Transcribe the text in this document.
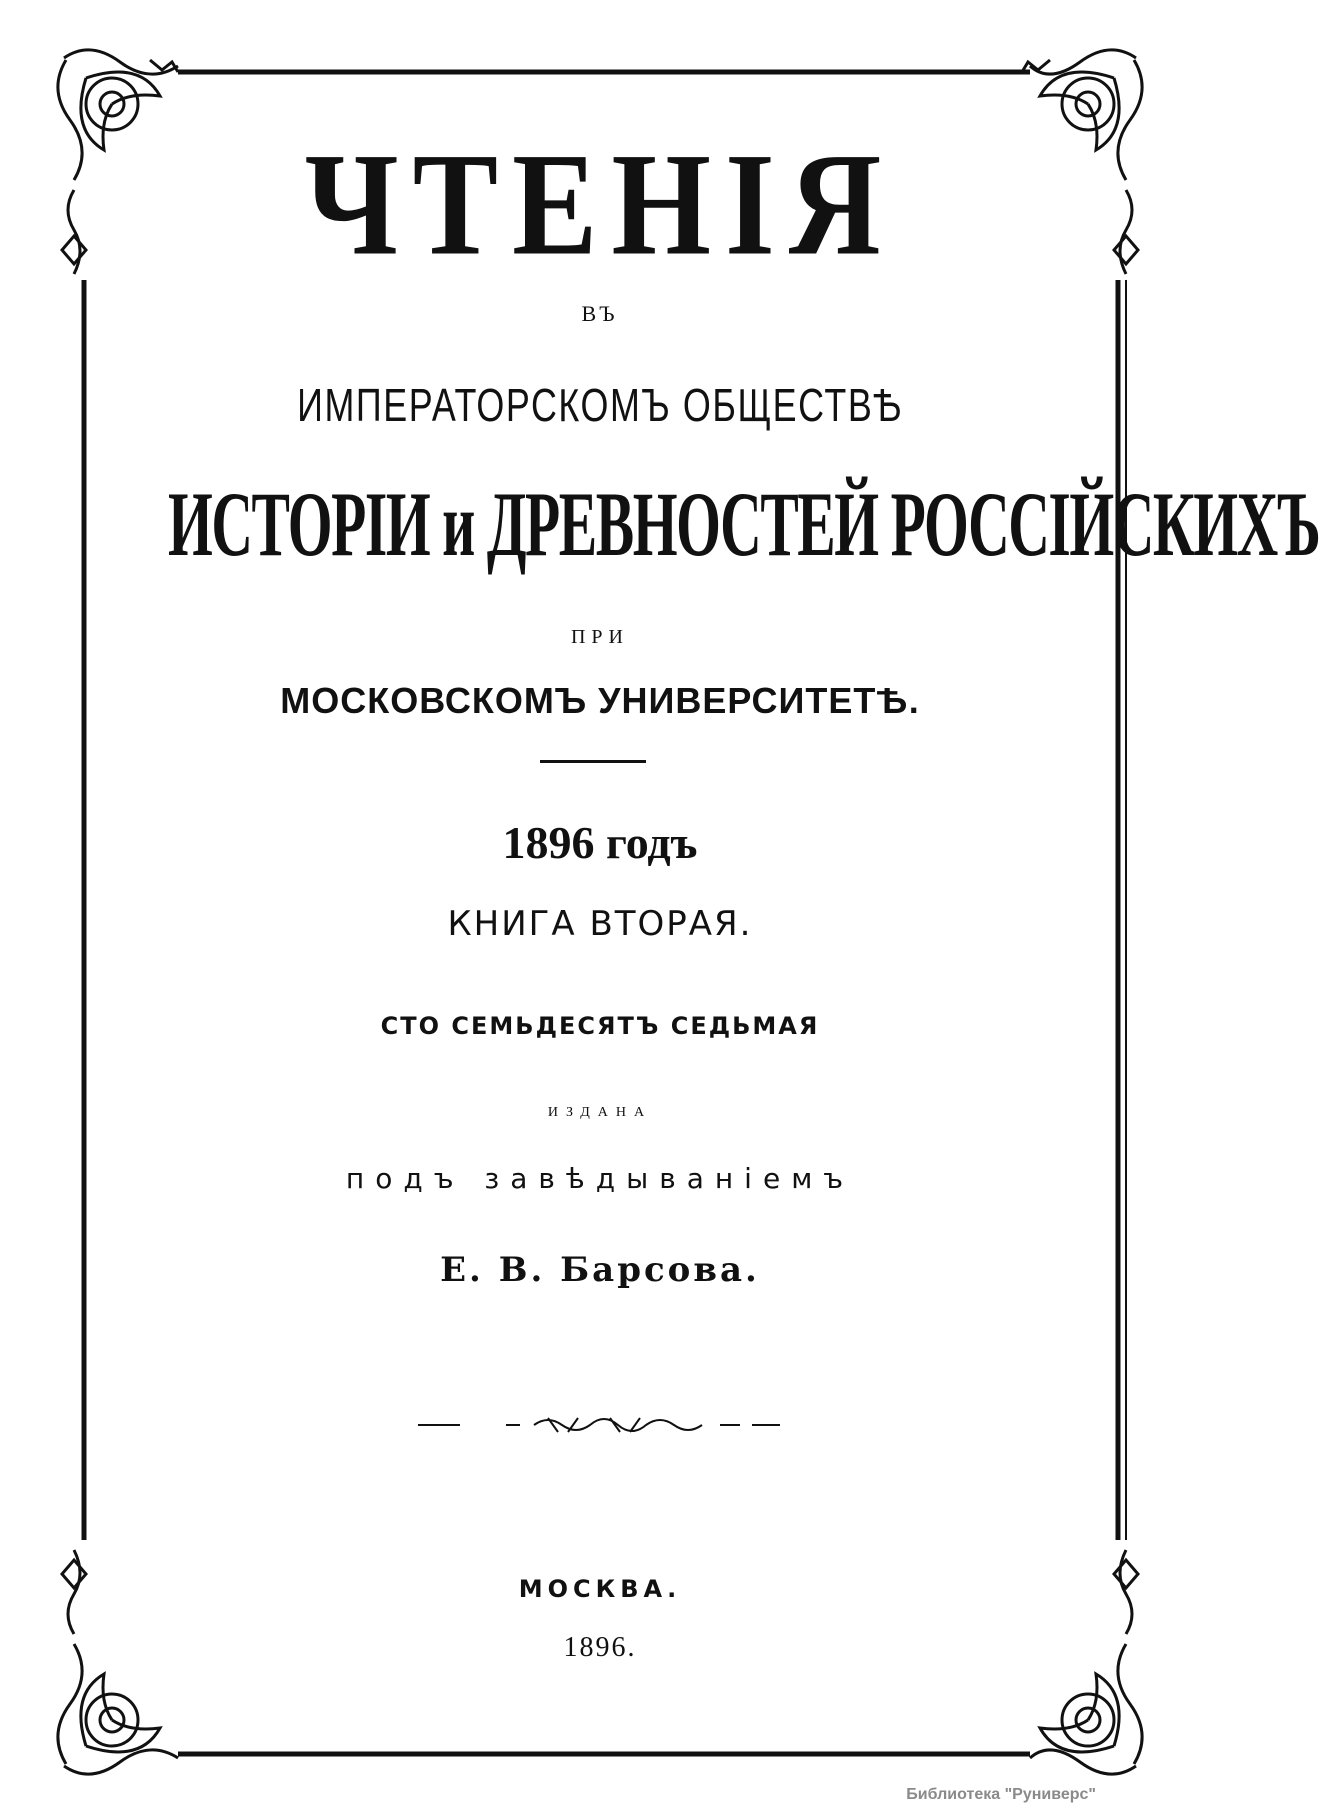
ЧТЕНІЯ
ВЪ
ИМПЕРАТОРСКОМЪ ОБЩЕСТВѢ
ИСТОРІИ и ДРЕВНОСТЕЙ РОССІЙСКИХЪ
ПРИ
МОСКОВСКОМЪ УНИВЕРСИТЕТѢ.
1896 годъ
КНИГА ВТОРАЯ.
СТО СЕМЬДЕСЯТЪ СЕДЬМАЯ
ИЗДАНА
подъ завѣдываніемъ
Е. В. Барсова.
МОСКВА.
1896.
Библиотека "Руниверс"
